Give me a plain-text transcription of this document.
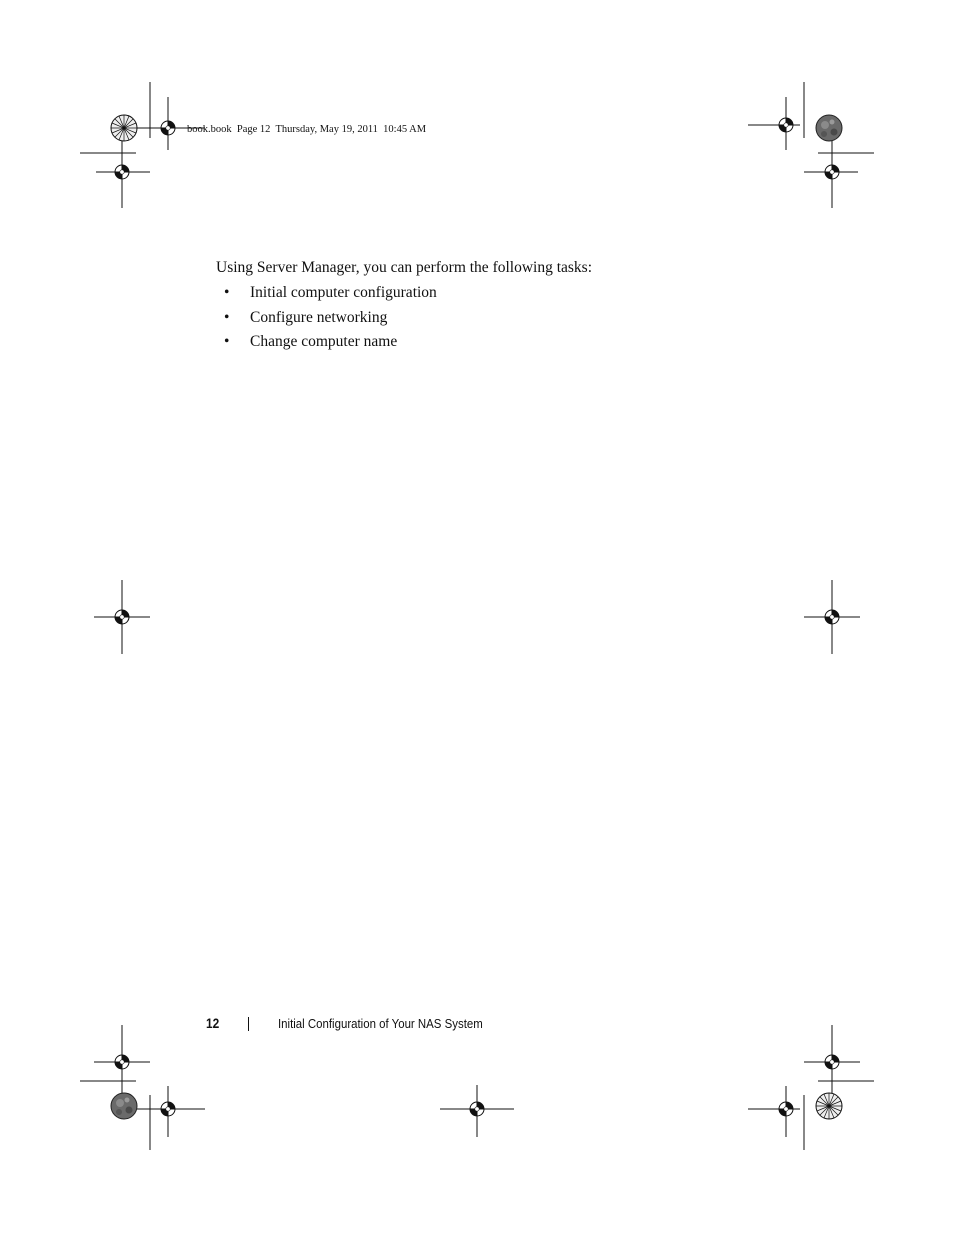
book.book  Page 12  Thursday, May 19, 2011  10:45 AM

Using Server Manager, you can perform the following tasks:

• Initial computer configuration
• Configure networking
• Change computer name
12	Initial Configuration of Your NAS System
